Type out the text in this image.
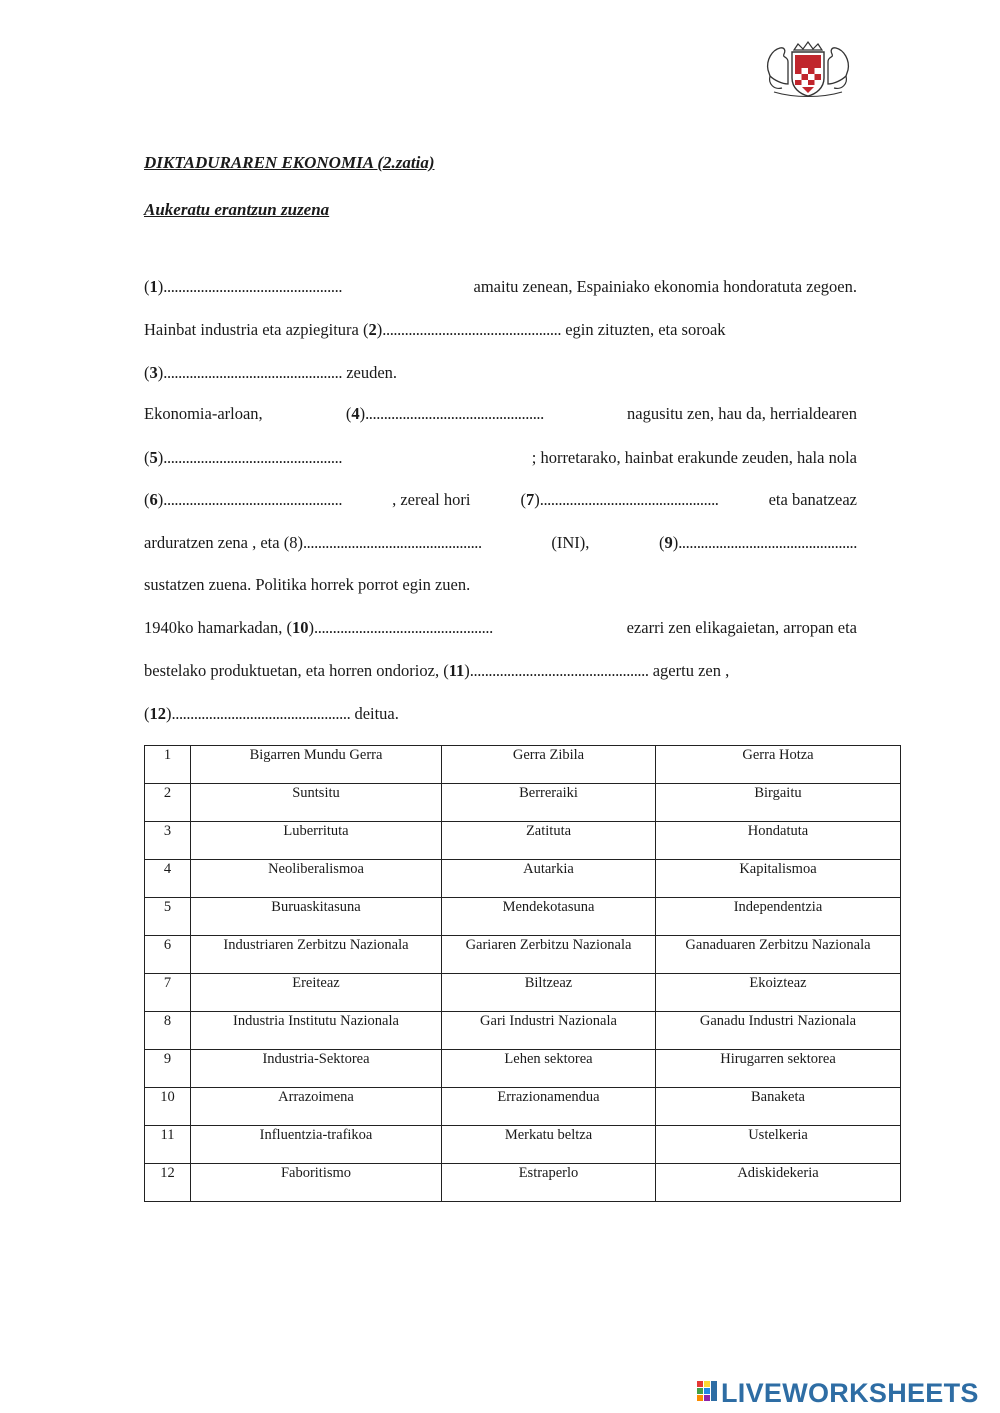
DIKTADURAREN EKONOMIA (2.zatia)

Aukeratu erantzun zuzena

(1)................................................	amaitu zenean, Espainiako ekonomia hondoratuta zegoen.
Hainbat industria eta azpiegitura (2)................................................ egin zituzten, eta soroak
(3)................................................ zeuden.
Ekonomia-arloan,	(4)................................................	nagusitu zen, hau da, herrialdearen
(5)................................................	; horretarako, hainbat erakunde zeuden, hala nola
(6)................................................	, zereal hori	(7)................................................	eta banatzeaz
arduratzen zena , eta (8)................................................	(INI),	(9)................................................
sustatzen zuena. Politika horrek porrot egin zuen.
1940ko hamarkadan, (10)................................................	ezarri zen elikagaietan, arropan eta
bestelako produktuetan, eta horren ondorioz, (11)................................................ agertu zen ,
(12)................................................ deitua.
1	Bigarren Mundu Gerra	Gerra Zibila	Gerra Hotza
2	Suntsitu	Berreraiki	Birgaitu
3	Luberrituta	Zatituta	Hondatuta
4	Neoliberalismoa	Autarkia	Kapitalismoa
5	Buruaskitasuna	Mendekotasuna	Independentzia
6	Industriaren Zerbitzu Nazionala	Gariaren Zerbitzu Nazionala	Ganaduaren Zerbitzu Nazionala
7	Ereiteaz	Biltzeaz	Ekoizteaz
8	Industria Institutu Nazionala	Gari Industri Nazionala	Ganadu Industri Nazionala
9	Industria-Sektorea	Lehen sektorea	Hirugarren sektorea
10	Arrazoimena	Errazionamendua	Banaketa
11	Influentzia-trafikoa	Merkatu beltza	Ustelkeria
12	Faboritismo	Estraperlo	Adiskidekeria
LIVEWORKSHEETS
